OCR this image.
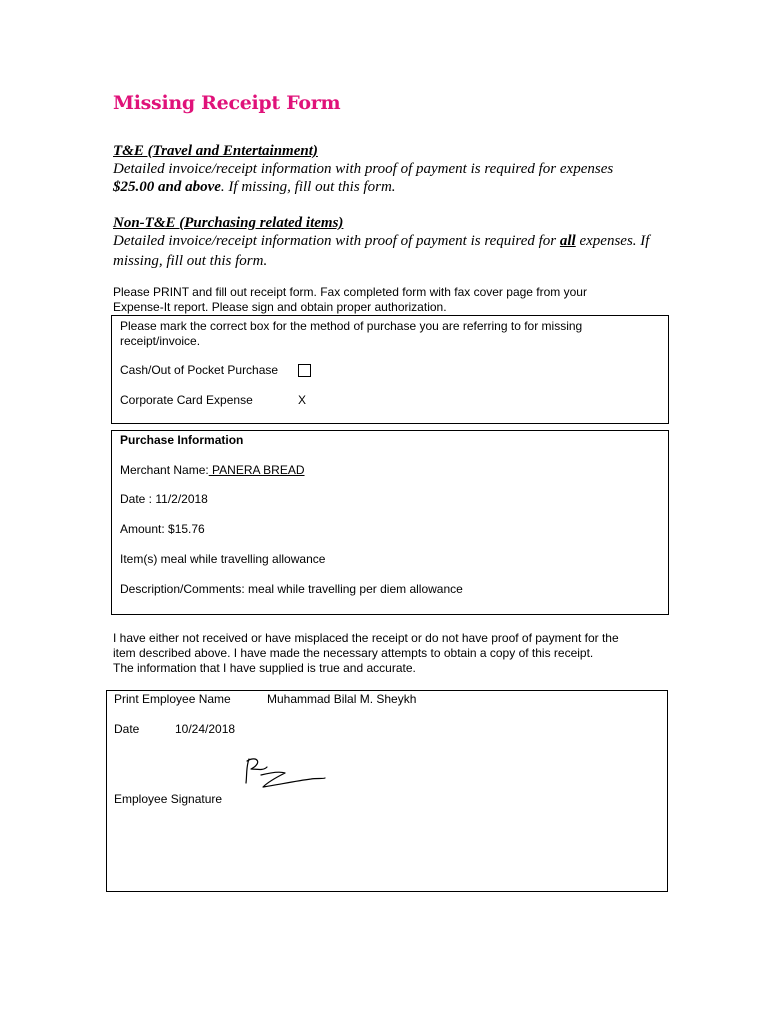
Missing Receipt Form
T&E (Travel and Entertainment)
Detailed invoice/receipt information with proof of payment is required for expenses
$25.00 and above. If missing, fill out this form.
Non-T&E (Purchasing related items)
Detailed invoice/receipt information with proof of payment is required for all expenses. If
missing, fill out this form.
Please PRINT and fill out receipt form. Fax completed form with fax cover page from your
Expense-It report. Please sign and obtain proper authorization.
Please mark the correct box for the method of purchase you are referring to for missing
receipt/invoice.
Cash/Out of Pocket Purchase
Corporate Card Expense	X
Purchase Information
Merchant Name: PANERA BREAD
Date : 11/2/2018
Amount: $15.76
Item(s) meal while travelling allowance
Description/Comments: meal while travelling per diem allowance
I have either not received or have misplaced the receipt or do not have proof of payment for the
item described above. I have made the necessary attempts to obtain a copy of this receipt.
The information that I have supplied is true and accurate.
Print Employee Name	Muhammad Bilal M. Sheykh
Date	10/24/2018
Employee Signature
